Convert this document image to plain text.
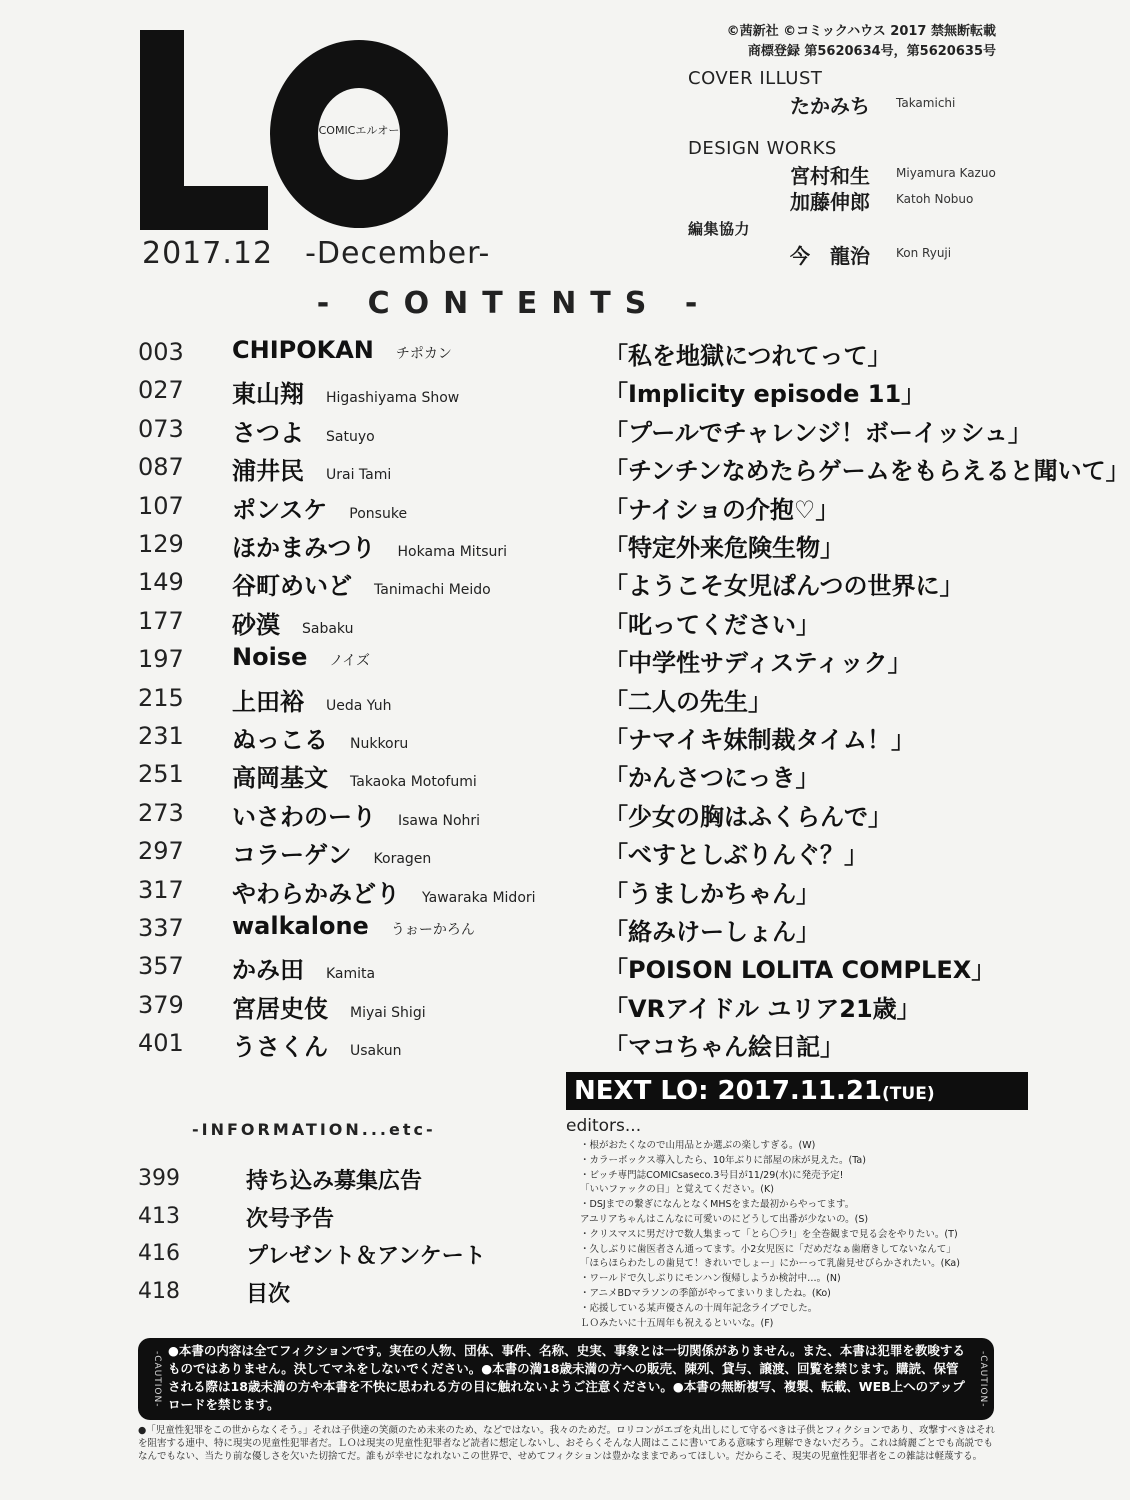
COMICエルオー
2017.12 -December-
©茜新社 ©コミックハウス 2017 禁無断転載
商標登録 第5620634号，第5620635号
COVER ILLUST
たかみち Takamichi
DESIGN WORKS
宮村和生 Miyamura Kazuo
加藤伸郎 Katoh Nobuo
編集協力
今　龍治 Kon Ryuji
- CONTENTS -
003 CHIPOKAN チポカン	「私を地獄につれてって」
027 東山翔 Higashiyama Show	「Implicity episode 11」
073 さつよ Satuyo	「プールでチャレンジ！ボーイッシュ」
087 浦井民 Urai Tami	「チンチンなめたらゲームをもらえると聞いて」
107 ポンスケ Ponsuke	「ナイショの介抱♡」
129 ほかまみつり Hokama Mitsuri	「特定外来危険生物」
149 谷町めいど Tanimachi Meido	「ようこそ女児ぱんつの世界に」
177 砂漠 Sabaku	「叱ってください」
197 Noise ノイズ	「中学性サディスティック」
215 上田裕 Ueda Yuh	「二人の先生」
231 ぬっこる Nukkoru	「ナマイキ妹制裁タイム！」
251 高岡基文 Takaoka Motofumi	「かんさつにっき」
273 いさわのーり Isawa Nohri	「少女の胸はふくらんで」
297 コラーゲン Koragen	「べすとしぶりんぐ？」
317 やわらかみどり Yawaraka Midori	「うましかちゃん」
337 walkalone うぉーかろん	「絡みけーしょん」
357 かみ田 Kamita	「POISON LOLITA COMPLEX」
379 宮居史伎 Miyai Shigi	「VRアイドル ユリア21歳」
401 うさくん Usakun	「マコちゃん絵日記」
NEXT LO: 2017.11.21(TUE)
-INFORMATION...etc-
399	持ち込み募集広告
413	次号予告
416	プレゼント＆アンケート
418	目次
editors...
・根がおたくなので山用品とか選ぶの楽しすぎる。(W)
・カラーボックス導入したら、10年ぶりに部屋の床が見えた。(Ta)
・ビッチ専門誌COMICsaseco.3号目が11/29(水)に発売予定!
「いいファックの日」と覚えてください。(K)
・DSJまでの繋ぎになんとなくMHSをまた最初からやってます。
アユリアちゃんはこんなに可愛いのにどうして出番が少ないの。(S)
・クリスマスに男だけで数人集まって「とら〇ラ!」を全巻観まで見る会をやりたい。(T)
・久しぶりに歯医者さん通ってます。小2女児医に「だめだなぁ歯磨きしてないなんて」
「ほらほらわたしの歯見て！きれいでしょー」にかーって乳歯見せびらかされたい。(Ka)
・ワールドで久しぶりにモンハン復帰しようか検討中…。(N)
・アニメBDマラソンの季節がやってまいりましたね。(Ko)
・応援している某声優さんの十周年記念ライブでした。
ＬＯみたいに十五周年も祝えるといいな。(F)
-CAUTION-
●本書の内容は全てフィクションです。実在の人物、団体、事件、名称、史実、事象とは一切関係がありません。また、本書は犯罪を教唆するものではありません。決してマネをしないでください。●本書の満18歳未満の方への販売、陳列、貸与、譲渡、回覧を禁じます。購読、保管される際は18歳未満の方や本書を不快に思われる方の目に触れないようご注意ください。●本書の無断複写、複製、転載、WEB上へのアップロードを禁じます。	-CAUTION-
●「児童性犯罪をこの世からなくそう。」それは子供達の笑顔のため未来のため、などではない。我々のためだ。ロリコンがエゴを丸出しにして守るべきは子供とフィクションであり、攻撃すべきはそれを阻害する連中、特に現実の児童性犯罪者だ。ＬＯは現実の児童性犯罪者など読者に想定しないし、おそらくそんな人間はここに書いてある意味すら理解できないだろう。これは綺麗ごとでも高説でもなんでもない、当たり前な優しさを欠いた切捨てだ。誰もが幸せになれないこの世界で、せめてフィクションは豊かなままであってほしい。だからこそ、現実の児童性犯罪者をこの雑誌は軽蔑する。
